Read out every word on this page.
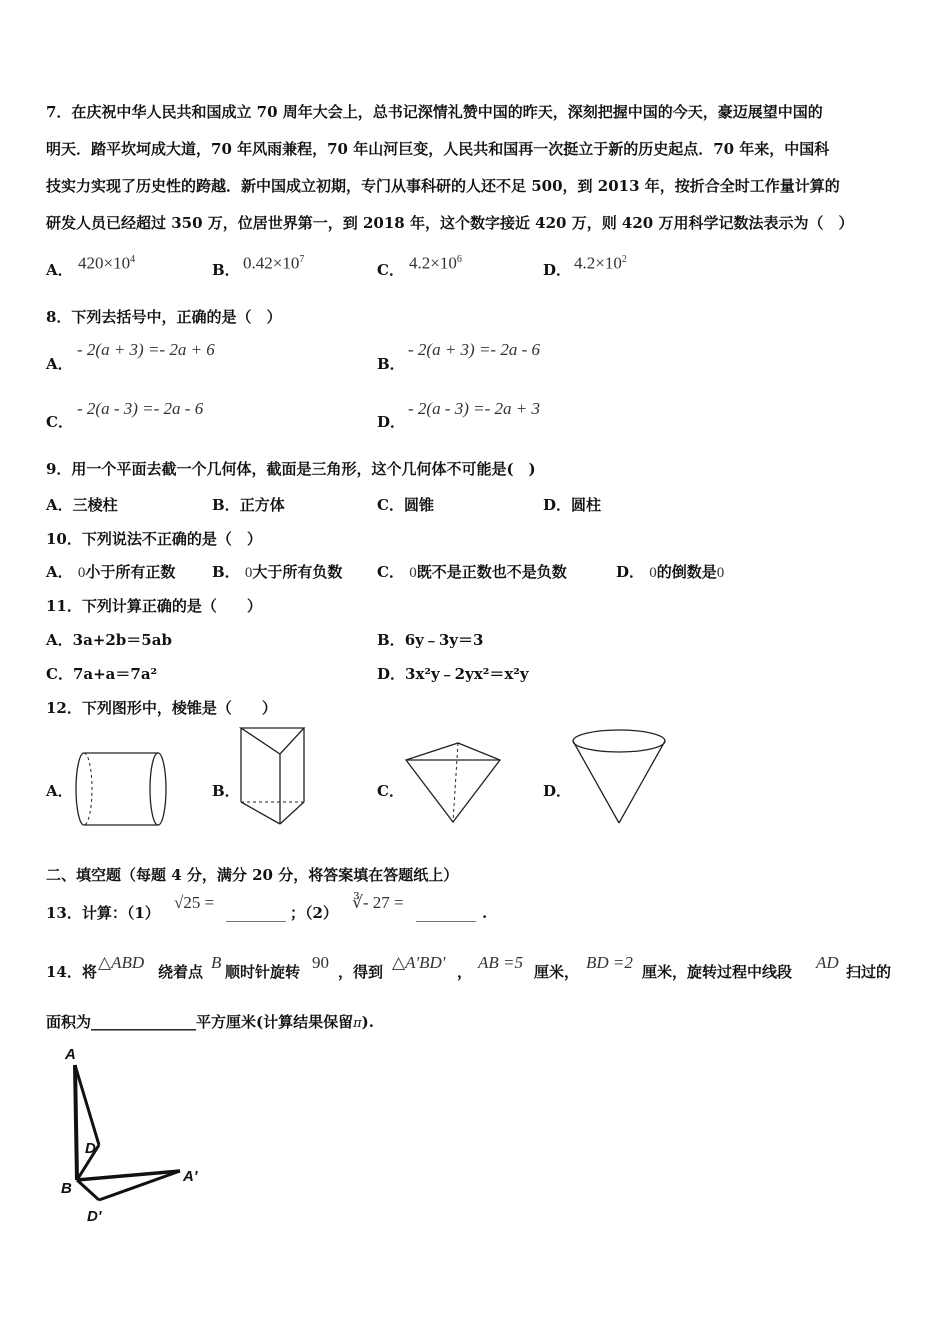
7．在庆祝中华人民共和国成立 70 周年大会上，总书记深情礼赞中国的昨天，深刻把握中国的今天，豪迈展望中国的
明天．踏平坎坷成大道，70 年风雨兼程，70 年山河巨变，人民共和国再一次挺立于新的历史起点．70 年来，中国科
技实力实现了历史性的跨越．新中国成立初期，专门从事科研的人还不足 500，到 2013 年，按折合全时工作量计算的
研发人员已经超过 350 万，位居世界第一，到 2018 年，这个数字接近 420 万，则 420 万用科学记数法表示为（　）
A． $420\times 10^4$
B． $0.42\times 10^7$
C． $4.2\times 10^6$
D． $4.2\times 10^2$
8．下列去括号中，正确的是（　）
A．
- 2(a + 3) =- 2a + 6
B．
- 2(a + 3) =- 2a - 6
C．
- 2(a - 3) =- 2a - 6
D．
- 2(a - 3) =- 2a + 3
9．用一个平面去截一个几何体，截面是三角形，这个几何体不可能是(　)
A．三棱柱	B．正方体	C．圆锥	D．圆柱
10．下列说法不正确的是（　）
A． 0小于所有正数 B． 0大于所有负数 C． 0既不是正数也不是负数	D． 0的倒数是0
11．下列计算正确的是（　　）
A．3a+2b＝5ab	B．6y﹣3y＝3
C．7a+a＝7a²	D．3x²y﹣2yx²＝x²y
12．下列图形中，棱锥是（　　）
A．	B．	C．	D．
二、填空题（每题 4 分，满分 20 分，将答案填在答题纸上）
13．计算：（1）
√25 =
________ ；（2）
∛- 27 =
________ .
14．将 △ABD 绕着点 B 顺时针旋转 90 ，得到 △A'BD' ， AB =5 厘米， BD =2 厘米，旋转过程中线段 AD 扫过的
面积为______________平方厘米(计算结果保留π).
A
D
B
A'
D'
